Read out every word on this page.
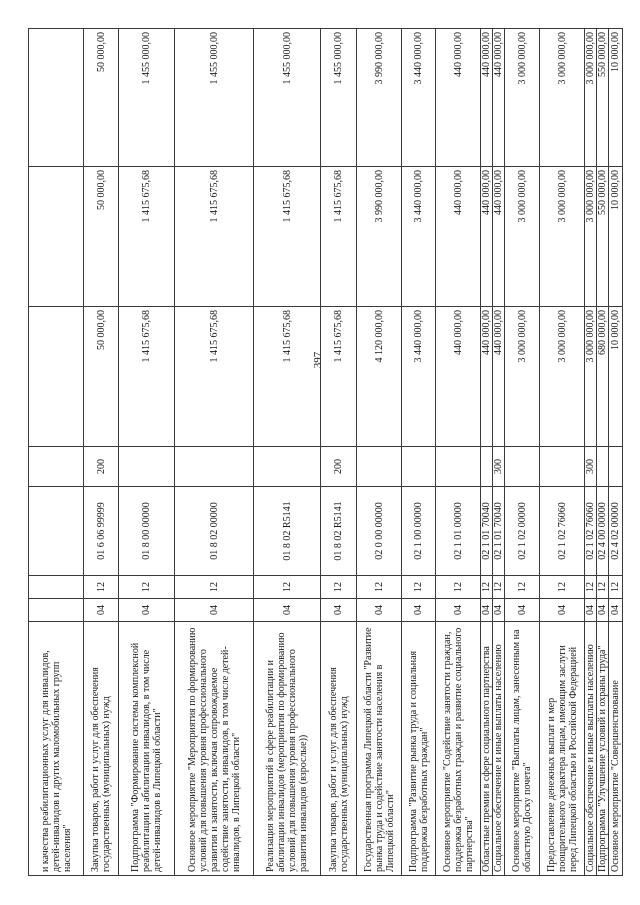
397
и качества реабилитационных услуг для инвалидов, детей-инвалидов и других маломобильных групп населения"							
Закупка товаров, работ и услуг для обеспечения государственных (муниципальных) нужд	04	12	01 6 06 99999	200	50 000,00	50 000,00	50 000,00
Подпрограмма "Формирование системы комплексной реабилитации и абилитации инвалидов, в том числе детей-инвалидов в Липецкой области"	04	12	01 8 00 00000		1 415 675,68	1 415 675,68	1 455 000,00
Основное мероприятие "Мероприятия по формированию условий для повышения уровня профессионального развития и занятости, включая сопровождаемое содействие занятости, инвалидов, в том числе детей-инвалидов, в Липецкой области"	04	12	01 8 02 00000		1 415 675,68	1 415 675,68	1 455 000,00
Реализация мероприятий в сфере реабилитации и абилитации инвалидов (мероприятия по формированию условий для повышения уровня профессионального развития инвалидов (взрослые))	04	12	01 8 02 R5141		1 415 675,68	1 415 675,68	1 455 000,00
Закупка товаров, работ и услуг для обеспечения государственных (муниципальных) нужд	04	12	01 8 02 R5141	200	1 415 675,68	1 415 675,68	1 455 000,00
Государственная программа Липецкой области "Развитие рынка труда и содействие занятости населения в Липецкой области"	04	12	02 0 00 00000		4 120 000,00	3 990 000,00	3 990 000,00
Подпрограмма "Развитие рынка труда и социальная поддержка безработных граждан"	04	12	02 1 00 00000		3 440 000,00	3 440 000,00	3 440 000,00
Основное мероприятие "Содействие занятости граждан, поддержка безработных граждан и развитие социального партнерства"	04	12	02 1 01 00000		440 000,00	440 000,00	440 000,00
Областные премии в сфере социального партнерства	04	12	02 1 01 70040		440 000,00	440 000,00	440 000,00
Социальное обеспечение и иные выплаты населению	04	12	02 1 01 70040	300	440 000,00	440 000,00	440 000,00
Основное мероприятие "Выплаты лицам, занесенным на областную Доску почета"	04	12	02 1 02 00000		3 000 000,00	3 000 000,00	3 000 000,00
Предоставление денежных выплат и мер поощрительного характера лицам, имеющим заслуги перед Липецкой областью и Российской Федерацией	04	12	02 1 02 76060		3 000 000,00	3 000 000,00	3 000 000,00
Социальное обеспечение и иные выплаты населению	04	12	02 1 02 76060	300	3 000 000,00	3 000 000,00	3 000 000,00
Подпрограмма "Улучшение условий и охраны труда"	04	12	02 4 00 00000		680 000,00	550 000,00	550 000,00
Основное мероприятие "Совершенствование	04	12	02 4 02 00000		10 000,00	10 000,00	10 000,00
